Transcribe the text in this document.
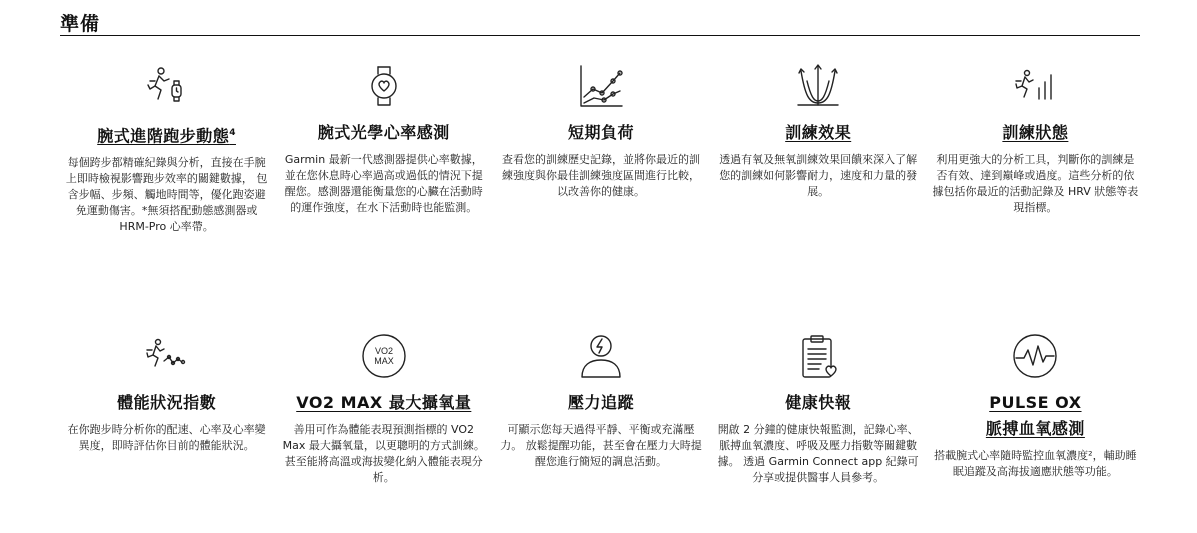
準備
腕式進階跑步動態$^4$
每個跨步都精確紀錄與分析，直接在手腕上即時檢視影響跑步效率的關鍵數據， 包含步幅、步頻、觸地時間等，優化跑姿避免運動傷害。*無須搭配動態感測器或 HRM-Pro 心率帶。
腕式光學心率感測
Garmin 最新一代感測器提供心率數據，並在您休息時心率過高或過低的情況下提醒您。感測器還能衡量您的心臟在活動時的運作強度，在水下活動時也能監測。
短期負荷
查看您的訓練歷史記錄，並將你最近的訓練強度與你最佳訓練強度區間進行比較，以改善你的健康。
訓練效果
透過有氧及無氧訓練效果回饋來深入了解您的訓練如何影響耐力，速度和力量的發展。
訓練狀態
利用更強大的分析工具，判斷你的訓練是否有效、達到巔峰或過度。這些分析的依據包括你最近的活動記錄及 HRV 狀態等表現指標。
體能狀況指數
在你跑步時分析你的配速、心率及心率變異度，即時評估你目前的體能狀況。
VO2
MAX
VO2 MAX 最大攝氧量
善用可作為體能表現預測指標的 VO2 Max 最大攝氧量，以更聰明的方式訓練。甚至能將高溫或海拔變化納入體能表現分析。
壓力追蹤
可顯示您每天過得平靜、平衡或充滿壓力。 放鬆提醒功能，甚至會在壓力大時提醒您進行簡短的調息活動。
健康快報
開啟 2 分鐘的健康快報監測，記錄心率、脈搏血氧濃度、呼吸及壓力指數等關鍵數據。 透過 Garmin Connect app 紀錄可分享或提供醫事人員參考。
PULSE OX
脈搏血氧感測
搭載腕式心率隨時監控血氧濃度²，輔助睡眠追蹤及高海拔適應狀態等功能。
